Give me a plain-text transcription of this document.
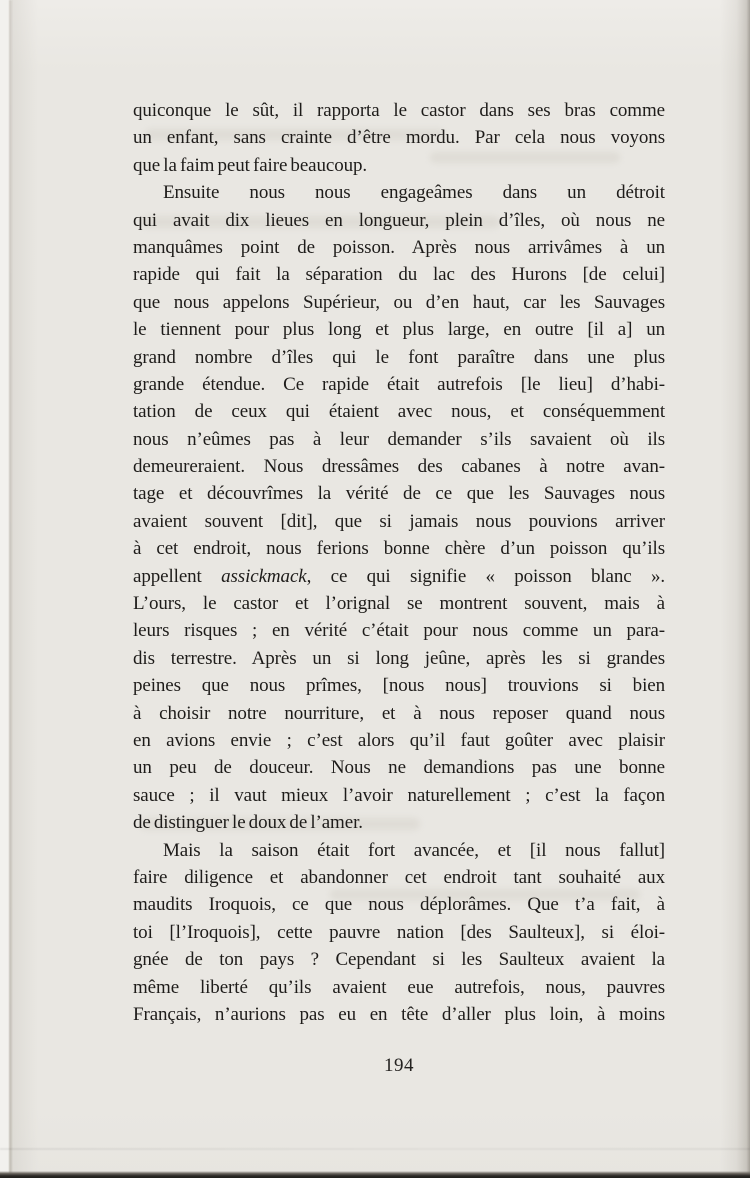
quiconque le sût, il rapporta le castor dans ses bras comme
un enfant, sans crainte d’être mordu. Par cela nous voyons
que la faim peut faire beaucoup.
Ensuite nous nous engageâmes dans un détroit
qui avait dix lieues en longueur, plein d’îles, où nous ne
manquâmes point de poisson. Après nous arrivâmes à un
rapide qui fait la séparation du lac des Hurons [de celui]
que nous appelons Supérieur, ou d’en haut, car les Sauvages
le tiennent pour plus long et plus large, en outre [il a] un
grand nombre d’îles qui le font paraître dans une plus
grande étendue. Ce rapide était autrefois [le lieu] d’habi-
tation de ceux qui étaient avec nous, et conséquemment
nous n’eûmes pas à leur demander s’ils savaient où ils
demeureraient. Nous dressâmes des cabanes à notre avan-
tage et découvrîmes la vérité de ce que les Sauvages nous
avaient souvent [dit], que si jamais nous pouvions arriver
à cet endroit, nous ferions bonne chère d’un poisson qu’ils
appellent assickmack, ce qui signifie « poisson blanc ».
L’ours, le castor et l’orignal se montrent souvent, mais à
leurs risques ; en vérité c’était pour nous comme un para-
dis terrestre. Après un si long jeûne, après les si grandes
peines que nous prîmes, [nous nous] trouvions si bien
à choisir notre nourriture, et à nous reposer quand nous
en avions envie ; c’est alors qu’il faut goûter avec plaisir
un peu de douceur. Nous ne demandions pas une bonne
sauce ; il vaut mieux l’avoir naturellement ; c’est la façon
de distinguer le doux de l’amer.
Mais la saison était fort avancée, et [il nous fallut]
faire diligence et abandonner cet endroit tant souhaité aux
maudits Iroquois, ce que nous déplorâmes. Que t’a fait, à
toi [l’Iroquois], cette pauvre nation [des Saulteux], si éloi-
gnée de ton pays ? Cependant si les Saulteux avaient la
même liberté qu’ils avaient eue autrefois, nous, pauvres
Français, n’aurions pas eu en tête d’aller plus loin, à moins
194
